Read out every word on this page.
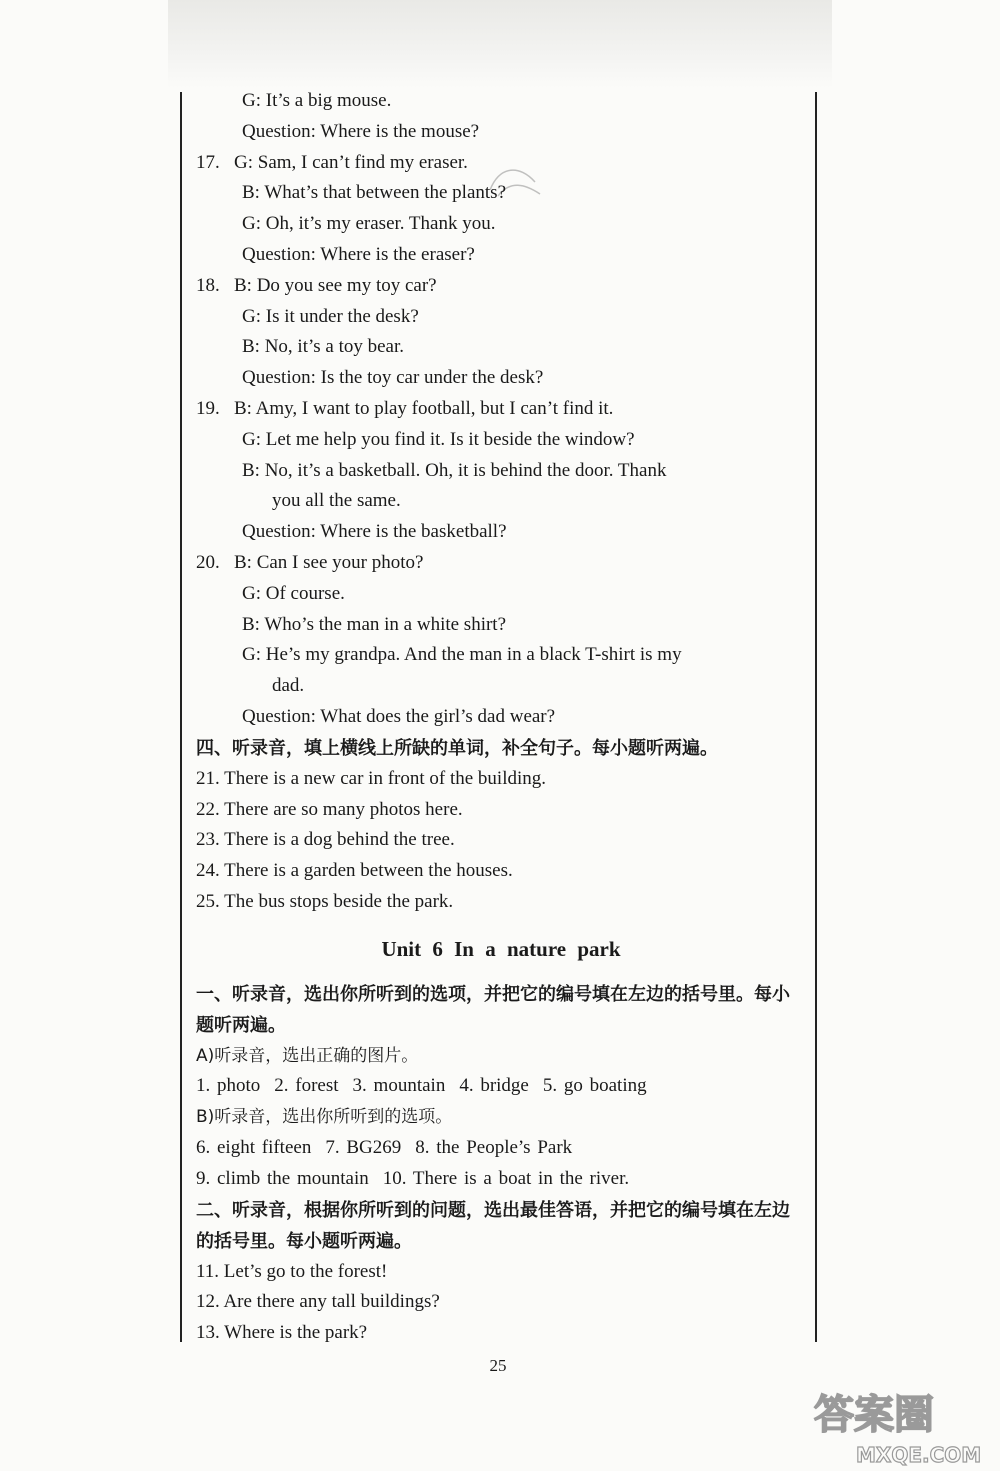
G: It’s a big mouse.
Question: Where is the mouse?
17. G: Sam, I can’t find my eraser.
B: What’s that between the plants?
G: Oh, it’s my eraser. Thank you.
Question: Where is the eraser?
18. B: Do you see my toy car?
G: Is it under the desk?
B: No, it’s a toy bear.
Question: Is the toy car under the desk?
19. B: Amy, I want to play football, but I can’t find it.
G: Let me help you find it. Is it beside the window?
B: No, it’s a basketball. Oh, it is behind the door. Thank
you all the same.
Question: Where is the basketball?
20. B: Can I see your photo?
G: Of course.
B: Who’s the man in a white shirt?
G: He’s my grandpa. And the man in a black T-shirt is my
dad.
Question: What does the girl’s dad wear?
四、听录音，填上横线上所缺的单词，补全句子。每小题听两遍。
21. There is a new car in front of the building.
22. There are so many photos here.
23. There is a dog behind the tree.
24. There is a garden between the houses.
25. The bus stops beside the park.
Unit 6 In a nature park
一、听录音，选出你所听到的选项，并把它的编号填在左边的括号里。每小题听两遍。
A)听录音，选出正确的图片。
1. photo 2. forest 3. mountain 4. bridge 5. go boating
B)听录音，选出你所听到的选项。
6. eight fifteen 7. BG269 8. the People’s Park
9. climb the mountain 10. There is a boat in the river.
二、听录音，根据你所听到的问题，选出最佳答语，并把它的编号填在左边的括号里。每小题听两遍。
11. Let’s go to the forest!
12. Are there any tall buildings?
13. Where is the park?
25
答案圈
MXQE.COM
